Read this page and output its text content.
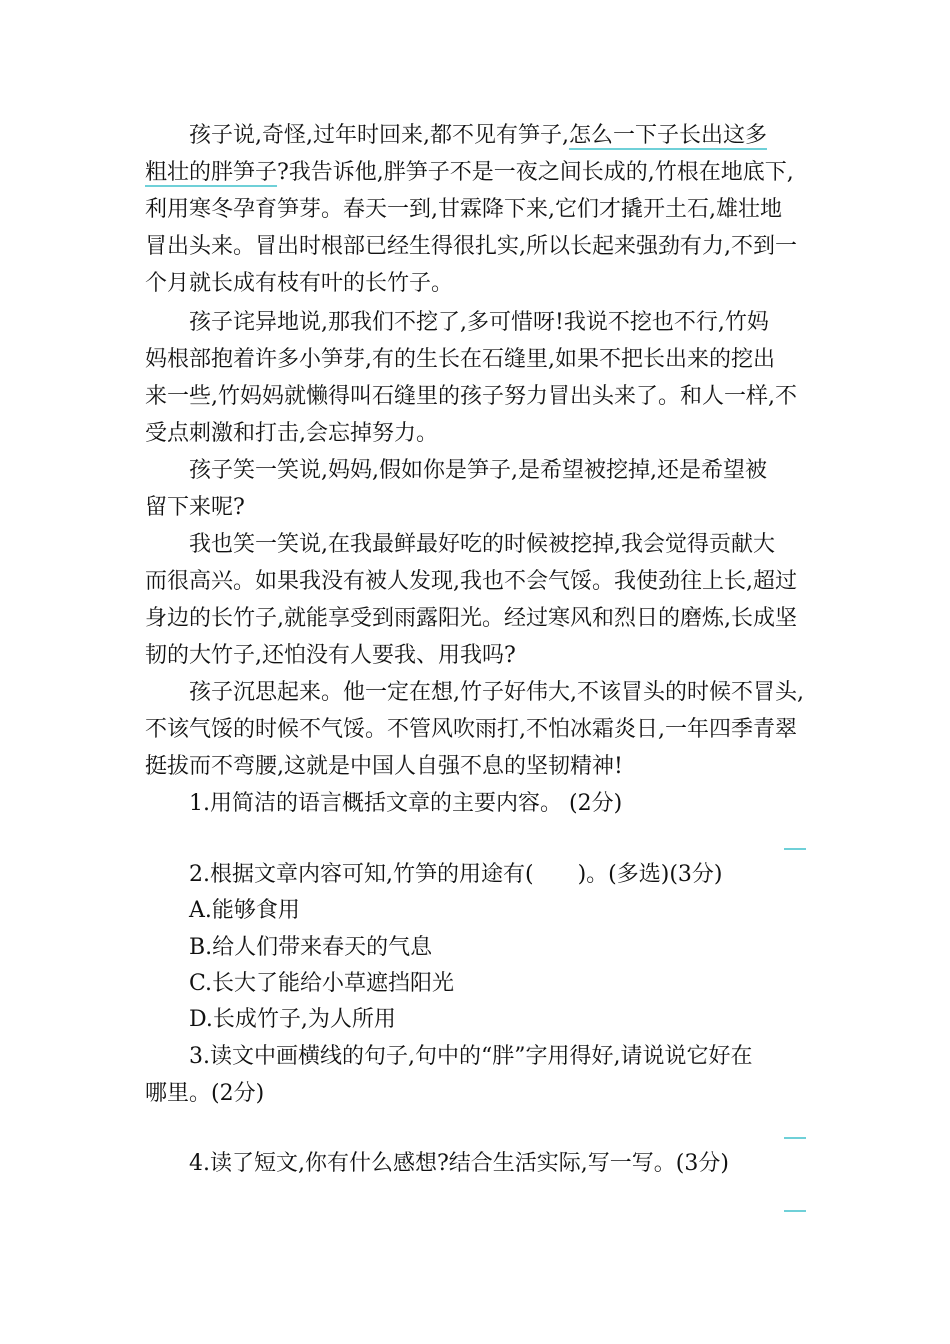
孩子说,奇怪,过年时回来,都不见有笋子,怎么一下子长出这多
粗壮的胖笋子?我告诉他,胖笋子不是一夜之间长成的,竹根在地底下,
利用寒冬孕育笋芽。春天一到,甘霖降下来,它们才撬开土石,雄壮地
冒出头来。冒出时根部已经生得很扎实,所以长起来强劲有力,不到一
个月就长成有枝有叶的长竹子。
孩子诧异地说,那我们不挖了,多可惜呀!我说不挖也不行,竹妈
妈根部抱着许多小笋芽,有的生长在石缝里,如果不把长出来的挖出
来一些,竹妈妈就懒得叫石缝里的孩子努力冒出头来了。和人一样,不
受点刺激和打击,会忘掉努力。
孩子笑一笑说,妈妈,假如你是笋子,是希望被挖掉,还是希望被
留下来呢?
我也笑一笑说,在我最鲜最好吃的时候被挖掉,我会觉得贡献大
而很高兴。如果我没有被人发现,我也不会气馁。我使劲往上长,超过
身边的长竹子,就能享受到雨露阳光。经过寒风和烈日的磨炼,长成坚
韧的大竹子,还怕没有人要我、用我吗?
孩子沉思起来。他一定在想,竹子好伟大,不该冒头的时候不冒头,
不该气馁的时候不气馁。不管风吹雨打,不怕冰霜炎日,一年四季青翠
挺拔而不弯腰,这就是中国人自强不息的坚韧精神!
1.用简洁的语言概括文章的主要内容。 (2分)
2.根据文章内容可知,竹笋的用途有(　　)。(多选)(3分)
A.能够食用
B.给人们带来春天的气息
C.长大了能给小草遮挡阳光
D.长成竹子,为人所用
3.读文中画横线的句子,句中的“胖”字用得好,请说说它好在
哪里。(2分)
4.读了短文,你有什么感想?结合生活实际,写一写。(3分)
